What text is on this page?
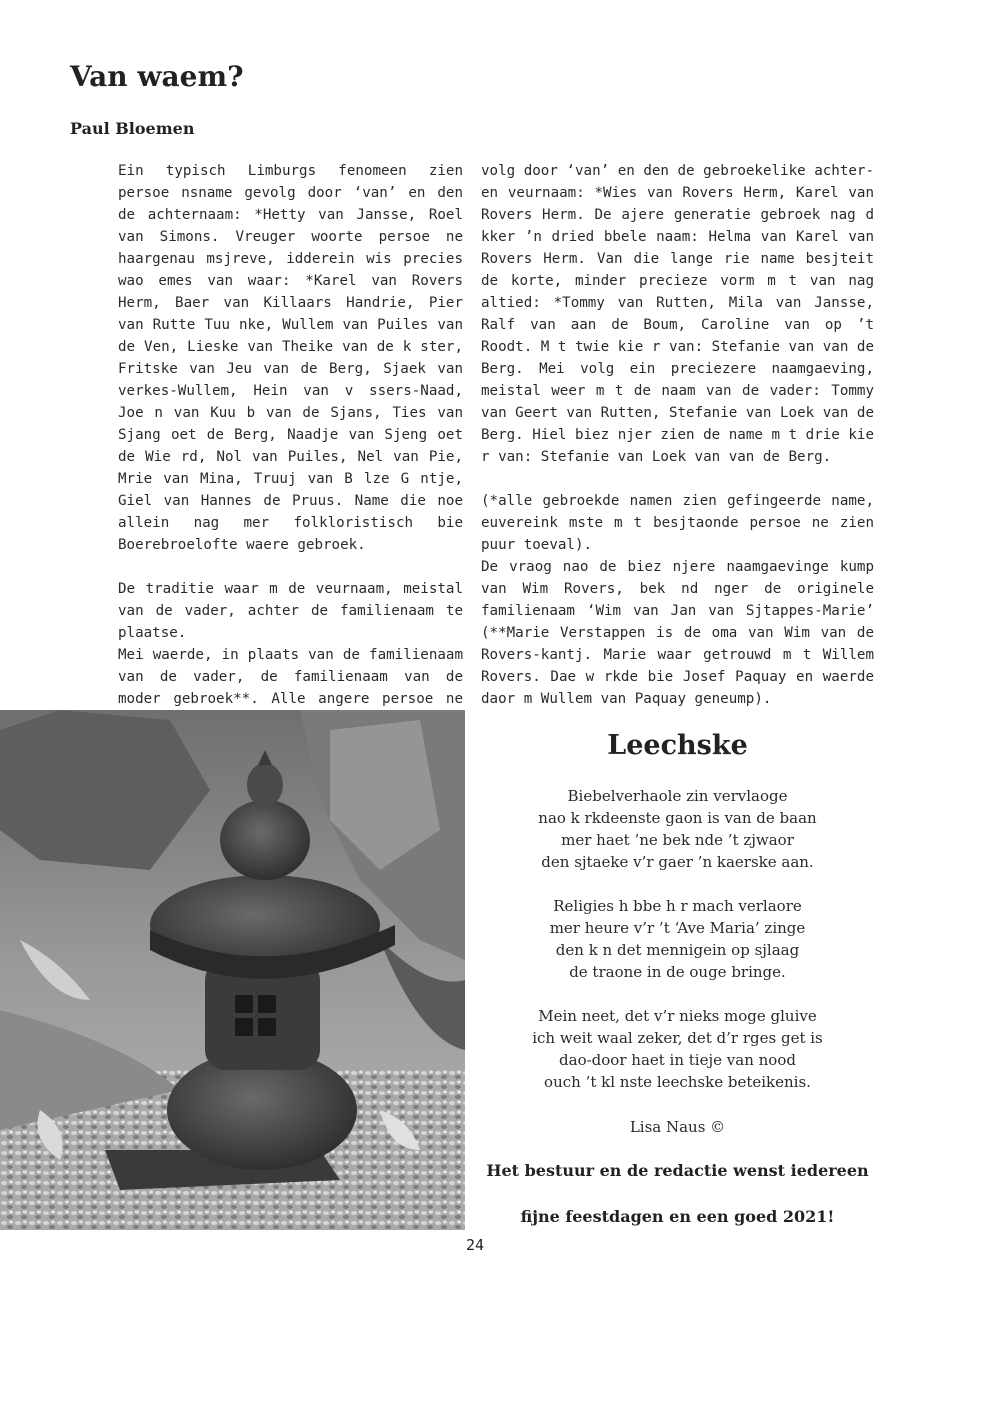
Van waem?
Paul Bloemen

Ein typisch Limburgs fenomeen zien persoe nsname gevolg door ‘van’ en den de achternaam: *Hetty van Jansse, Roel van Simons. Vreuger woorte persoe ne haargenau msjreve, idderein wis precies wao emes van waar: *Karel van Rovers Herm, Baer van Killaars Handrie, Pier van Rutte Tuu nke, Wullem van Puiles van de Ven, Lieske van Theike van de k ster, Fritske van Jeu van de Berg, Sjaek van verkes-Wullem, Hein van v ssers-Naad, Joe n van Kuu b van de Sjans, Ties van Sjang oet de Berg, Naadje van Sjeng oet de Wie rd, Nol van Puiles, Nel van Pie, Mrie van Mina, Truuj van B lze G ntje, Giel van Hannes de Pruus. Name die noe allein nag mer folkloristisch bie Boerebroelofte waere gebroek.

De traditie waar m de veurnaam, meistal van de vader, achter de familienaam te plaatse.

Mei waerde, in plaats van de familienaam van de vader, de familienaam van de moder gebroek**. Alle angere persoe ne

volg door ‘van’ en den de gebroekelike achter- en veurnaam: *Wies van Rovers Herm, Karel van Rovers Herm. De ajere generatie gebroek nag d kker ’n dried bbele naam: Helma van Karel van Rovers Herm. Van die lange rie name besjteit de korte, minder precieze vorm m t van nag altied: *Tommy van Rutten, Mila van Jansse, Ralf van aan de Boum, Caroline van op ’t Roodt. M t twie kie r van: Stefanie van van de Berg. Mei volg ein preciezere naamgaeving, meistal weer m t de naam van de vader: Tommy van Geert van Rutten, Stefanie van Loek van de Berg. Hiel biez njer zien de name m t drie kie r van: Stefanie van Loek van van de Berg.

(*alle gebroekde namen zien gefingeerde name, euvereink mste m t besjtaonde persoe ne zien puur toeval).

De vraog nao de biez njere naamgaevinge kump van Wim Rovers, bek nd nger de originele familienaam ‘Wim van Jan van Sjtappes-Marie’ (**Marie Verstappen is de oma van Wim van de Rovers-kantj. Marie waar getrouwd m t Willem Rovers. Dae w rkde bie Josef Paquay en waerde daor m Wullem van Paquay geneump).

Leechske
Biebelverhaole zin vervlaoge
nao k rkdeenste gaon is van de baan
mer haet ’ne bek nde ’t zjwaor
den sjtaeke v’r gaer ’n kaerske aan.
Religies h bbe h r mach verlaore
mer heure v’r ’t ‘Ave Maria’ zinge
den k n det mennigein op sjlaag
de traone in de ouge bringe.
Mein neet, det v’r nieks moge gluive
ich weit waal zeker, det d’r rges get is
dao-door haet in tieje van nood
ouch ’t kl nste leechske beteikenis.
Lisa Naus ©

Het bestuur en de redactie wenst iedereen

fijne feestdagen en een goed 2021!

24
